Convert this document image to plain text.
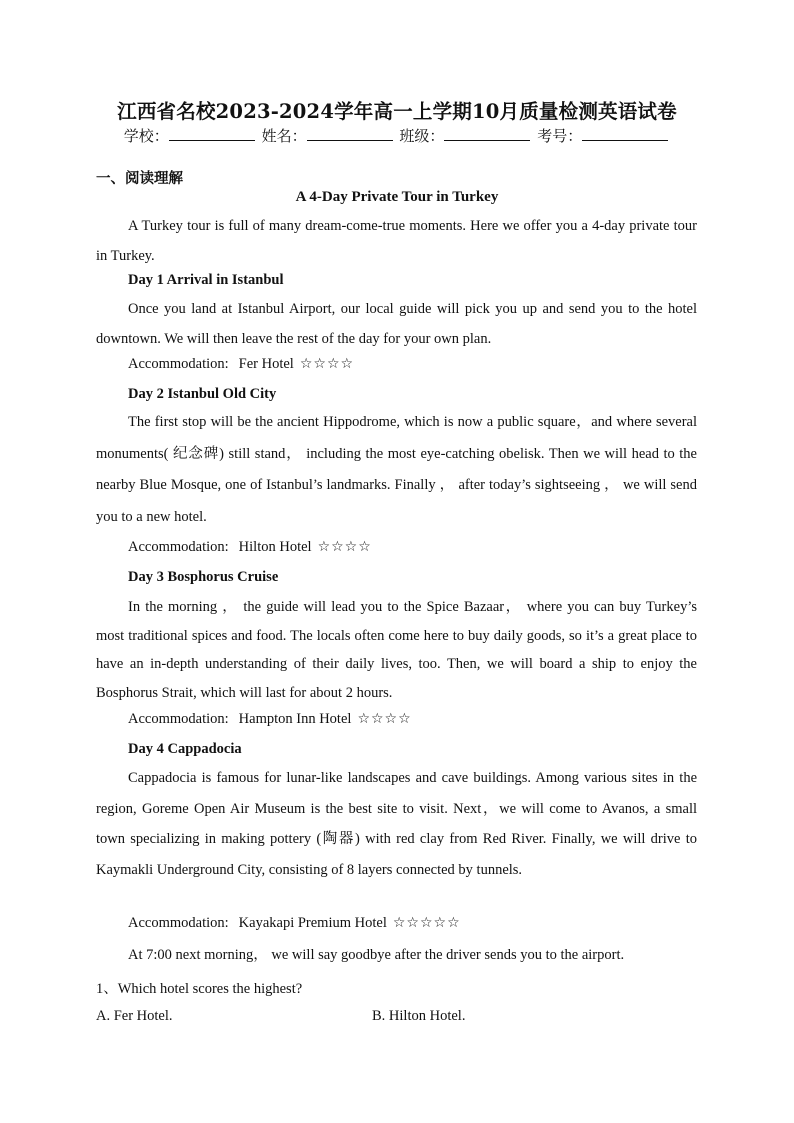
江西省名校2023-2024学年高一上学期10月质量检测英语试卷
学校：	姓名：	班级：	考号：
一、阅读理解
A 4-Day Private Tour in Turkey
A Turkey tour is full of many dream-come-true moments. Here we offer you a 4-day private tour in Turkey.
Day 1 Arrival in Istanbul
Once you land at Istanbul Airport, our local guide will pick you up and send you to the hotel downtown. We will then leave the rest of the day for your own plan.
Accommodation: Fer Hotel ☆☆☆☆
Day 2 Istanbul Old City
The first stop will be the ancient Hippodrome, which is now a public square，and where several monuments( 纪念碑) still stand， including the most eye-catching obelisk. Then we will head to the nearby Blue Mosque, one of Istanbul’s landmarks. Finally ， after today’s sightseeing ， we will send you to a new hotel.
Accommodation: Hilton Hotel ☆☆☆☆
Day 3 Bosphorus Cruise
In the morning ， the guide will lead you to the Spice Bazaar， where you can buy Turkey’s most traditional spices and food. The locals often come here to buy daily goods, so it’s a great place to have an in-depth understanding of their daily lives, too. Then, we will board a ship to enjoy the Bosphorus Strait, which will last for about 2 hours.
Accommodation: Hampton Inn Hotel ☆☆☆☆
Day 4 Cappadocia
Cappadocia is famous for lunar-like landscapes and cave buildings. Among various sites in the region, Goreme Open Air Museum is the best site to visit. Next，we will come to Avanos, a small town specializing in making pottery (陶器) with red clay from Red River. Finally, we will drive to Kaymakli Underground City, consisting of 8 layers connected by tunnels.
Accommodation: Kayakapi Premium Hotel ☆☆☆☆☆
At 7:00 next morning， we will say goodbye after the driver sends you to the airport.
1、Which hotel scores the highest?
A. Fer Hotel.	B. Hilton Hotel.
